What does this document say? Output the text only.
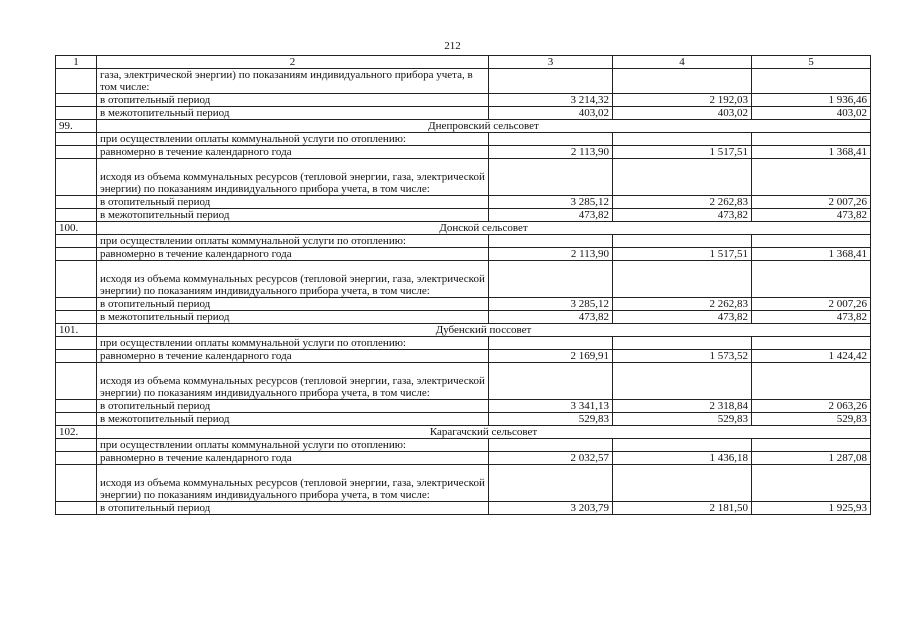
212
1	2	3	4	5
	газа, электрической энергии) по показаниям индивидуального прибора учета, в том числе:			
	в отопительный период	3 214,32	2 192,03	1 936,46
	в межотопительный период	403,02	403,02	403,02
99.	Днепровский сельсовет			
	при осуществлении оплаты коммунальной услуги по отоплению:			
	равномерно в течение календарного года	2 113,90	1 517,51	1 368,41
	исходя из объема коммунальных ресурсов (тепловой энергии, газа, электрической энергии) по показаниям индивидуального прибора учета, в том числе:			
	в отопительный период	3 285,12	2 262,83	2 007,26
	в межотопительный период	473,82	473,82	473,82
100.	Донской сельсовет			
	при осуществлении оплаты коммунальной услуги по отоплению:			
	равномерно в течение календарного года	2 113,90	1 517,51	1 368,41
	исходя из объема коммунальных ресурсов (тепловой энергии, газа, электрической энергии) по показаниям индивидуального прибора учета, в том числе:			
	в отопительный период	3 285,12	2 262,83	2 007,26
	в межотопительный период	473,82	473,82	473,82
101.	Дубенский поссовет			
	при осуществлении оплаты коммунальной услуги по отоплению:			
	равномерно в течение календарного года	2 169,91	1 573,52	1 424,42
	исходя из объема коммунальных ресурсов (тепловой энергии, газа, электрической энергии) по показаниям индивидуального прибора учета, в том числе:			
	в отопительный период	3 341,13	2 318,84	2 063,26
	в межотопительный период	529,83	529,83	529,83
102.	Карагачский сельсовет			
	при осуществлении оплаты коммунальной услуги по отоплению:			
	равномерно в течение календарного года	2 032,57	1 436,18	1 287,08
	исходя из объема коммунальных ресурсов (тепловой энергии, газа, электрической энергии) по показаниям индивидуального прибора учета, в том числе:			
	в отопительный период	3 203,79	2 181,50	1 925,93
